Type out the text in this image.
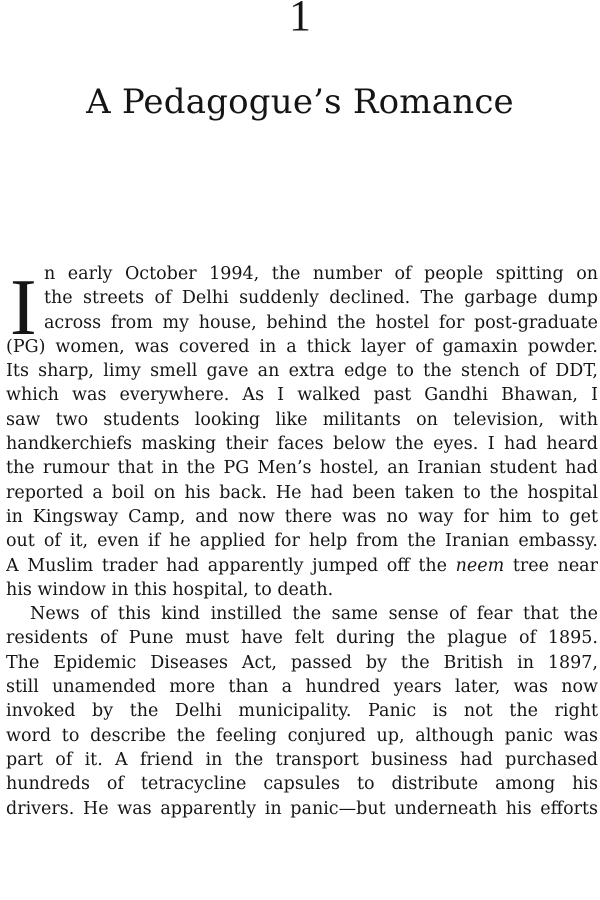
1
A Pedagogue’s Romance
I n early October 1994, the number of people spitting on
the streets of Delhi suddenly declined. The garbage dump
across from my house, behind the hostel for post-graduate
(PG) women, was covered in a thick layer of gamaxin powder.
Its sharp, limy smell gave an extra edge to the stench of DDT,
which was everywhere. As I walked past Gandhi Bhawan, I
saw two students looking like militants on television, with
handkerchiefs masking their faces below the eyes. I had heard
the rumour that in the PG Men’s hostel, an Iranian student had
reported a boil on his back. He had been taken to the hospital
in Kingsway Camp, and now there was no way for him to get
out of it, even if he applied for help from the Iranian embassy.
A Muslim trader had apparently jumped off the neem tree near
his window in this hospital, to death.
News of this kind instilled the same sense of fear that the
residents of Pune must have felt during the plague of 1895.
The Epidemic Diseases Act, passed by the British in 1897,
still unamended more than a hundred years later, was now
invoked by the Delhi municipality. Panic is not the right
word to describe the feeling conjured up, although panic was
part of it. A friend in the transport business had purchased
hundreds of tetracycline capsules to distribute among his
drivers. He was apparently in panic—but underneath his efforts
